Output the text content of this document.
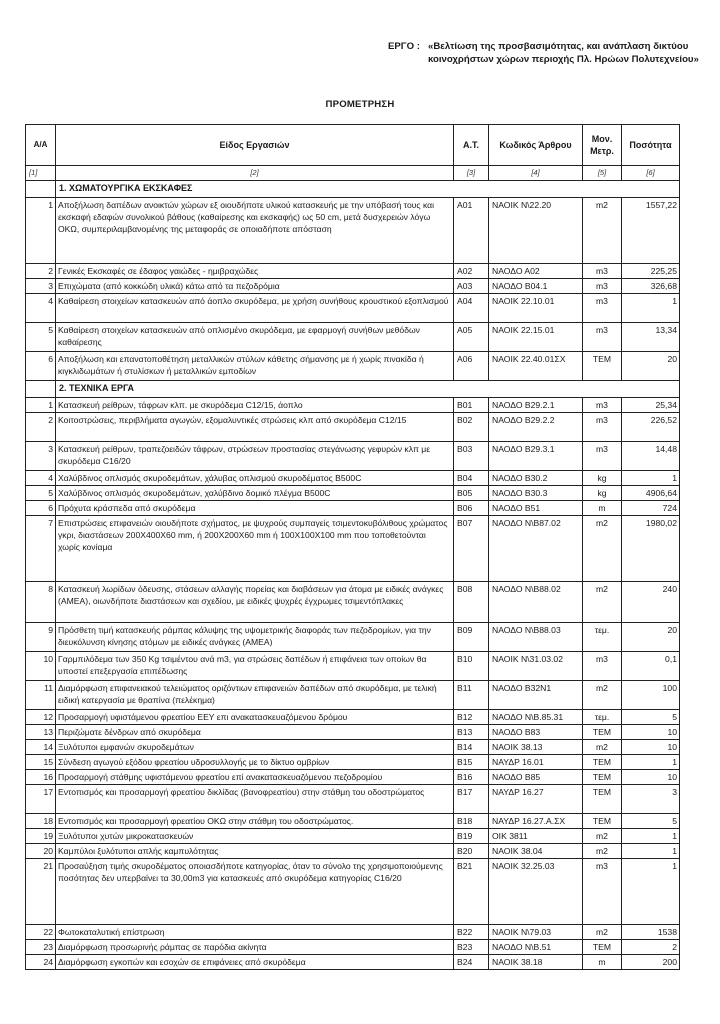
ΕΡΓΟ : «Βελτίωση της προσβασιμότητας, και ανάπλαση δικτύου κοινοχρήστων χώρων περιοχής Πλ. Ηρώων Πολυτεχνείου»
ΠΡΟΜΕΤΡΗΣΗ
Α/Α	Είδος Εργασιών	Α.Τ.	Κωδικός Άρθρου	Μον. Μετρ.	Ποσότητα
[1]	[2]	[3]	[4]	[5]	[6]
	1. ΧΩΜΑΤΟΥΡΓΙΚΑ ΕΚΣΚΑΦΕΣ				
1	Αποξήλωση δαπέδων ανοικτών χώρων εξ οιουδήποτε υλικού κατασκευής με την υπόβασή τους και εκσκαφή εδαφών συνολικού βάθους (καθαίρεσης και εκσκαφής) ως 50 cm, μετά δυσχερειών λόγω ΟΚΩ, συμπεριλαμβανομένης της μεταφοράς σε οποιαδήποτε απόσταση	A01	ΝΑΟΙΚ Ν\22.20	m2	1557,22
2	Γενικές Εκσκαφές σε έδαφος γαιώδες - ημιβραχώδες	A02	ΝΑΟΔΟ Α02	m3	225,25
3	Επιχώματα (από κοκκώδη υλικά) κάτω από τα πεζοδρόμια	A03	ΝΑΟΔΟ Β04.1	m3	326,68
4	Καθαίρεση στοιχείων κατασκευών από άοπλο σκυρόδεμα, με χρήση συνήθους κρουστικού εξοπλισμού	A04	ΝΑΟΙΚ 22.10.01	m3	1
5	Καθαίρεση στοιχείων κατασκευών από οπλισμένο σκυρόδεμα, με εφαρμογή συνήθων μεθόδων καθαίρεσης	A05	ΝΑΟΙΚ 22.15.01	m3	13,34
6	Αποξήλωση και επανατοποθέτηση μεταλλικών στύλων κάθετης σήμανσης με ή χωρίς πινακίδα ή κιγκλιδωμάτων ή στυλίσκων ή μεταλλικών εμποδίων	A06	ΝΑΟΙΚ 22.40.01ΣΧ	ΤΕΜ	20
	2. ΤΕΧΝΙΚΑ ΕΡΓΑ				
1	Κατασκευή ρείθρων, τάφρων κλπ. με σκυρόδεμα C12/15, άοπλο	B01	ΝΑΟΔΟ Β29.2.1	m3	25,34
2	Κοιτοστρώσεις, περιβλήματα αγωγών, εξομαλυντικές στρώσεις κλπ από σκυρόδεμα C12/15	B02	ΝΑΟΔΟ Β29.2.2	m3	226,52
3	Κατασκευή ρείθρων, τραπεζοειδών τάφρων, στρώσεων προστασίας στεγάνωσης γεφυρών κλπ με σκυρόδεμα C16/20	B03	ΝΑΟΔΟ Β29.3.1	m3	14,48
4	Χαλύβδινος οπλισμός σκυροδεμάτων, χάλυβας οπλισμού σκυροδέματος B500C	B04	ΝΑΟΔΟ Β30.2	kg	1
5	Χαλύβδινος οπλισμός σκυροδεμάτων, χαλύβδινο δομικό πλέγμα B500C	B05	ΝΑΟΔΟ Β30.3	kg	4906,64
6	Πρόχυτα κράσπεδα από σκυρόδεμα	B06	ΝΑΟΔΟ Β51	m	724
7	Επιστρώσεις επιφανειών οιουδήποτε σχήματος, με ψυχρούς συμπαγείς τσιμεντοκυβόλιθους χρώματος γκρι, διαστάσεων 200Χ400Χ60 mm, ή 200Χ200Χ60 mm ή 100Χ100Χ100 mm που τοποθετούνται χωρίς κονίαμα	B07	ΝΑΟΔΟ Ν\Β87.02	m2	1980,02
8	Κατασκευή λωρίδων όδευσης, στάσεων αλλαγής πορείας και διαβάσεων για άτομα με ειδικές ανάγκες (ΑΜΕΑ), οιωνδήποτε διαστάσεων και σχεδίου, με ειδικές ψυχρές έγχρωμες τσιμεντόπλακες	B08	ΝΑΟΔΟ Ν\Β88.02	m2	240
9	Πρόσθετη τιμή κατασκευής ράμπας κάλυψης της υψομετρικής διαφοράς των πεζοδρομίων, για την διευκόλυνση κίνησης ατόμων με ειδικές ανάγκες (ΑΜΕΑ)	B09	ΝΑΟΔΟ Ν\Β88.03	τεμ.	20
10	Γαρμπιλόδεμα των 350 Kg τσιμέντου ανά m3, για στρώσεις δαπέδων ή επιφάνεια των οποίων θα υποστεί επεξεργασία επιπέδωσης	B10	ΝΑΟΙΚ Ν\31.03.02	m3	0,1
11	Διαμόρφωση επιφανειακού τελειώματος οριζόντιων επιφανειών δαπέδων από σκυρόδεμα, με τελική ειδική κατεργασία με θραπίνα (πελέκημα)	B11	ΝΑΟΔΟ Β32Ν1	m2	100
12	Προσαρμογή υφιστάμενου φρεατίου ΕΕΥ επι ανακατασκευαζόμενου δρόμου	B12	ΝΑΟΔΟ Ν\Β.85.31	τεμ.	5
13	Περιζώματε δένδρων από σκυρόδεμα	B13	ΝΑΟΔΟ Β83	ΤΕΜ	10
14	Ξυλότυποι εμφανών σκυροδεμάτων	B14	ΝΑΟΙΚ 38.13	m2	10
15	Σύνδεση αγωγού εξόδου φρεατίου υδροσυλλογής με το δίκτυο ομβρίων	B15	ΝΑΥΔΡ 16.01	ΤΕΜ	1
16	Προσαρμογή στάθμης υφιστάμενου φρεατίου επί ανακατασκευαζόμενου πεζοδρομίου	B16	ΝΑΟΔΟ Β85	ΤΕΜ	10
17	Εντοπισμός και προσαρμογή φρεατίου δικλίδας (βανοφρεατίου) στην στάθμη του οδοστρώματος	B17	ΝΑΥΔΡ 16.27	ΤΕΜ	3
18	Εντοπισμός και προσαρμογή φρεατίου ΟΚΩ στην στάθμη του οδοστρώματος.	B18	ΝΑΥΔΡ 16.27.Α.ΣΧ	ΤΕΜ	5
19	Ξυλότυποι χυτών μικροκατασκευών	B19	ΟΙΚ 3811	m2	1
20	Καμπύλοι ξυλότυποι απλής καμπυλότητας	B20	ΝΑΟΙΚ 38.04	m2	1
21	Προσαύξηση τιμής σκυροδέματος οποιασδήποτε κατηγορίας, όταν το σύνολο της χρησιμοποιούμενης ποσότητας δεν υπερβαίνει τα 30,00m3 για κατασκευές από σκυρόδεμα κατηγορίας C16/20	B21	ΝΑΟΙΚ 32.25.03	m3	1
22	Φωτοκαταλυτική επίστρωση	B22	ΝΑΟΙΚ Ν\79.03	m2	1538
23	Διαμόρφωση προσωρινής ράμπας σε παρόδια ακίνητα	B23	ΝΑΟΔΟ Ν\Β.51	ΤΕΜ	2
24	Διαμόρφωση εγκοπών και εσοχών σε επιφάνειες από σκυρόδεμα	B24	ΝΑΟΙΚ 38.18	m	200
